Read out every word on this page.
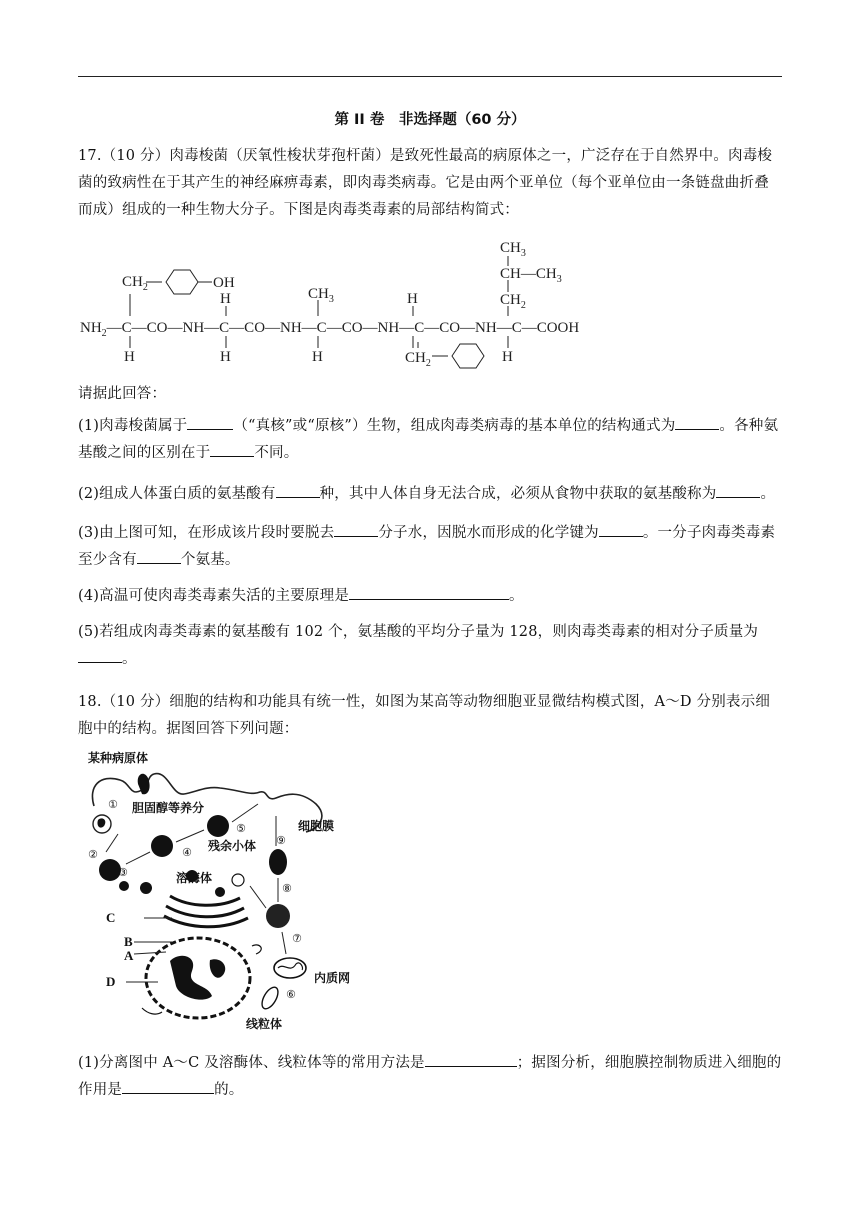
第 II 卷　非选择题（60 分）
17.（10 分）肉毒梭菌（厌氧性梭状芽孢杆菌）是致死性最高的病原体之一，广泛存在于自然界中。肉毒梭菌的致病性在于其产生的神经麻痹毒素，即肉毒类病毒。它是由两个亚单位（每个亚单位由一条链盘曲折叠而成）组成的一种生物大分子。下图是肉毒类毒素的局部结构简式：
$CH_2$	OH
H	$CH_3$	H
$CH_3$
$CH—CH_3$
$CH_2$
$NH_2—C—CO—NH—C—CO—NH—C—CO—NH—C—CO—NH—C—COOH$
H	H	H	H
$CH_2$
请据此回答：
(1)肉毒梭菌属于	（“真核”或“原核”）生物，组成肉毒类病毒的基本单位的结构通式为	。各种氨基酸之间的区别在于	不同。
(2)组成人体蛋白质的氨基酸有	种，其中人体自身无法合成，必须从食物中获取的氨基酸称为	。
(3)由上图可知，在形成该片段时要脱去	分子水，因脱水而形成的化学键为	。一分子肉毒类毒素至少含有	个氨基。
(4)高温可使肉毒类毒素失活的主要原理是	。
(5)若组成肉毒类毒素的氨基酸有 102 个，氨基酸的平均分子量为 128，则肉毒类毒素的相对分子质量为
。
18.（10 分）细胞的结构和功能具有统一性，如图为某高等动物细胞亚显微结构模式图，A～D 分别表示细胞中的结构。据图回答下列问题：
某种病原体
胆固醇等养分
细胞膜
残余小体
溶酶体
内质网
线粒体
C
B
A
D
①
②
③
④
⑤
⑥
⑦
⑧
⑨
(1)分离图中 A～C 及溶酶体、线粒体等的常用方法是	；据图分析，细胞膜控制物质进入细胞的作用是	的。
